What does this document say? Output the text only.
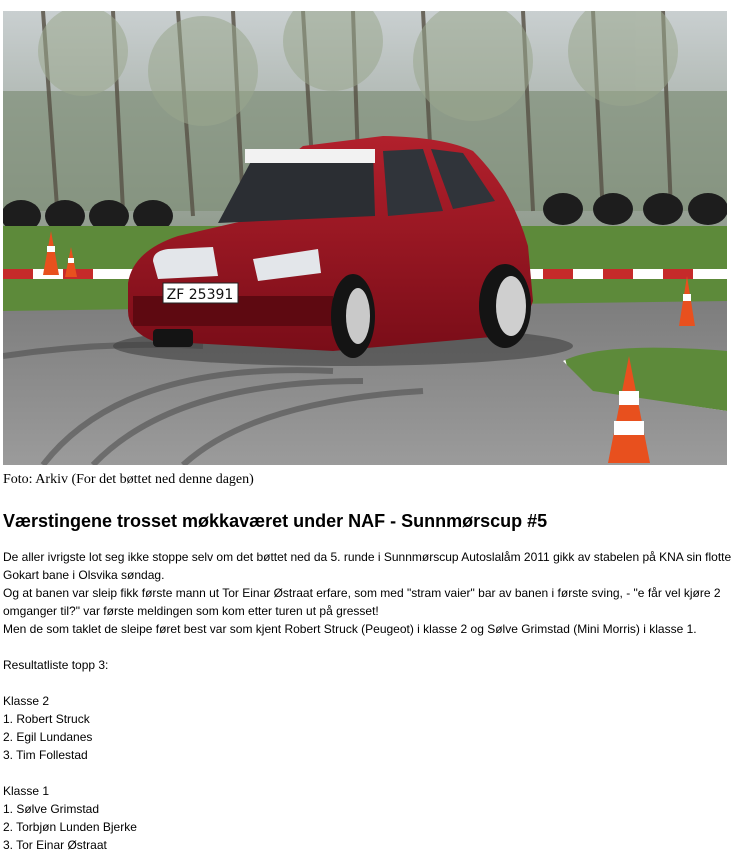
ZF 25391
Foto: Arkiv (For det bøttet ned denne dagen)
Værstingene trosset møkkaværet under NAF - Sunnmørscup #5
De aller ivrigste lot seg ikke stoppe selv om det bøttet ned da 5. runde i Sunnmørscup Autoslalåm 2011 gikk av stabelen på KNA sin flotte Gokart bane i Olsvika søndag.
Og at banen var sleip fikk første mann ut Tor Einar Østraat erfare, som med "stram vaier" bar av banen i første sving, - "e får vel kjøre 2 omganger til?" var første meldingen som kom etter turen ut på gresset!
Men de som taklet de sleipe føret best var som kjent Robert Struck (Peugeot) i klasse 2 og Sølve Grimstad (Mini Morris) i klasse 1.
Resultatliste topp 3:
Klasse 2
1. Robert Struck
2. Egil Lundanes
3. Tim Follestad
Klasse 1
1. Sølve Grimstad
2. Torbjøn Lunden Bjerke
3. Tor Einar Østraat
